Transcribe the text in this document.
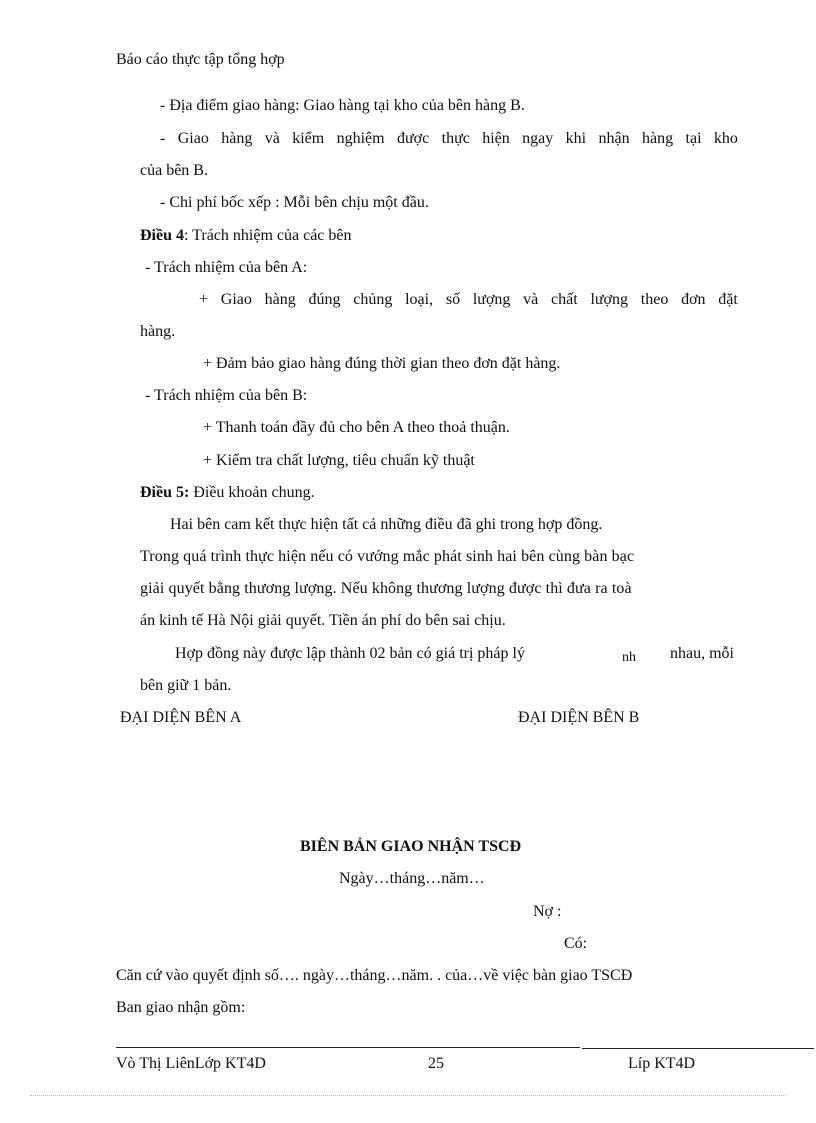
Báo cáo thực tập tổng hợp
- Địa điểm giao hàng: Giao hàng tại kho của bên hàng B.
- Giao hàng và kiểm nghiệm được thực hiện ngay khi nhận hàng tại kho
của bên B.
- Chi phí bốc xếp : Mỗi bên chịu một đầu.
Điều 4: Trách nhiệm của các bên
- Trách nhiệm của bên A:
+ Giao hàng đúng chủng loại, số lượng và chất lượng theo đơn đặt
hàng.
+ Đảm bảo giao hàng đúng thời gian theo đơn đặt hàng.
- Trách nhiệm của bên B:
+ Thanh toán đầy đủ cho bên A theo thoả thuận.
+ Kiểm tra chất lượng, tiêu chuẩn kỹ thuật
Điều 5: Điều khoản chung.
Hai bên cam kết thực hiện tất cả những điều đã ghi trong hợp đồng.
Trong quá trình thực hiện nếu có vướng mắc phát sinh hai bên cùng bàn bạc
giải quyết bằng thương lượng. Nếu không thương lượng được thì đưa ra toà
án kinh tế Hà Nội giải quyết. Tiền án phí do bên sai chịu.
Hợp đồng này được lập thành 02 bản có giá trị pháp lý	nh nhau, mỗi
bên giữ 1 bản.
ĐẠI DIỆN BÊN A	ĐẠI DIỆN BÊN B
BIÊN BẢN GIAO NHẬN TSCĐ
Ngày…tháng…năm…
Nợ :
Có:
Căn cứ vào quyết định số…. ngày…tháng…năm. . của…về việc bàn giao TSCĐ
Ban giao nhận gồm:
Vò Thị LiênLớp KT4D	25	Líp KT4D
